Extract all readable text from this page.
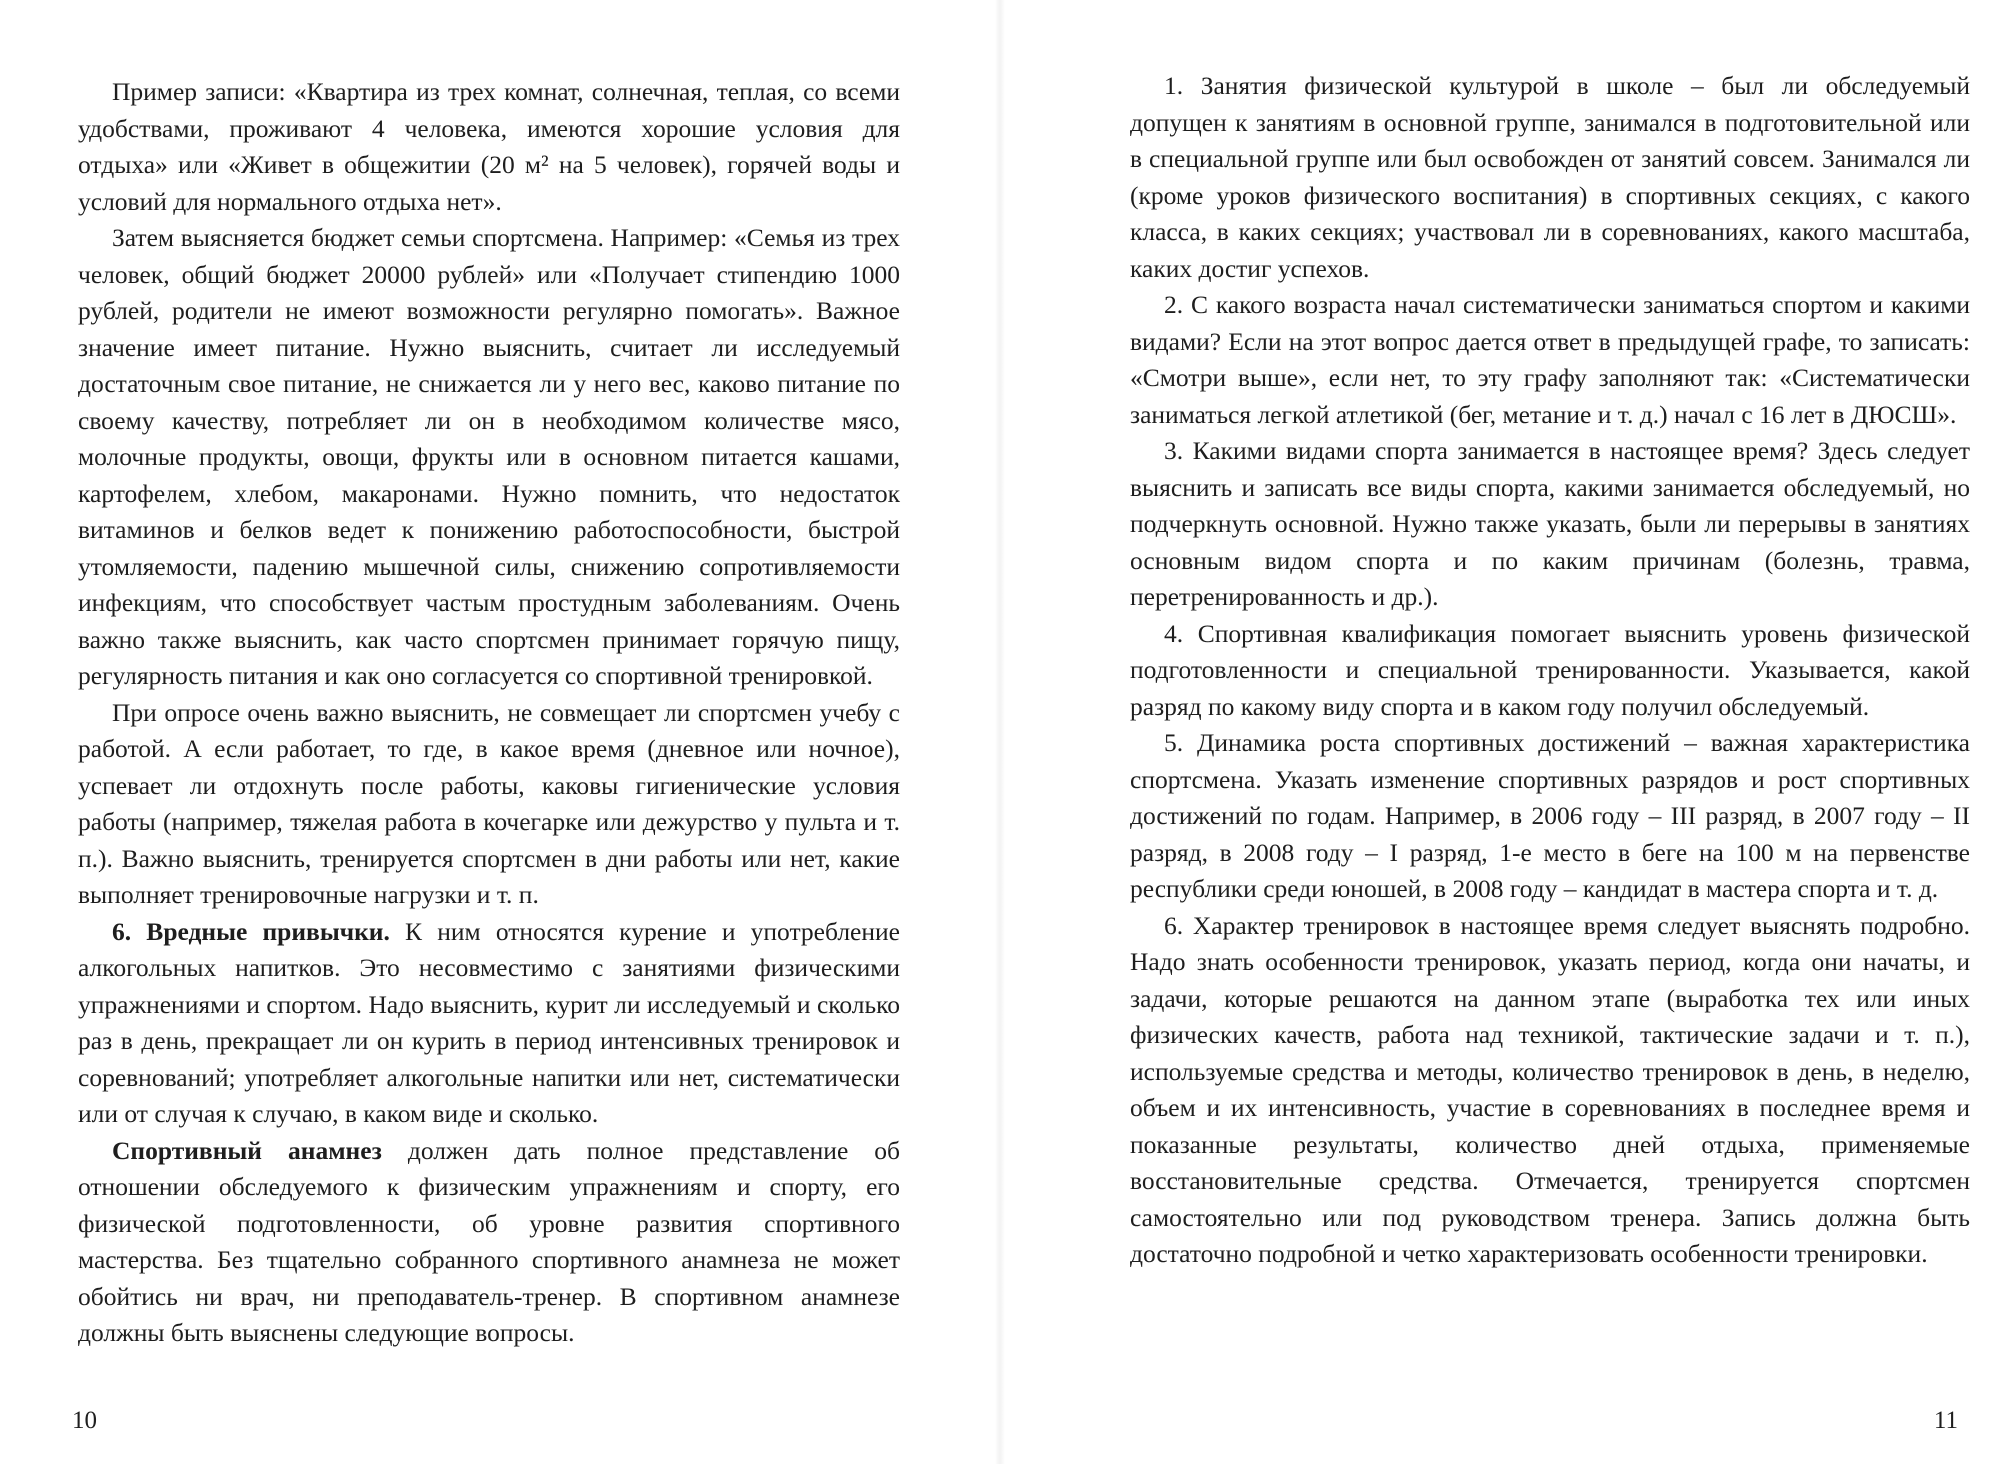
Пример записи: «Квартира из трех комнат, солнечная, теплая, со всеми удобствами, проживают 4 человека, имеются хорошие условия для отдыха» или «Живет в общежитии (20 м² на 5 человек), горячей воды и условий для нормального отдыха нет».

Затем выясняется бюджет семьи спортсмена. Например: «Семья из трех человек, общий бюджет 20000 рублей» или «Получает стипендию 1000 рублей, родители не имеют возможности регулярно помогать». Важное значение имеет питание. Нужно выяснить, считает ли исследуемый достаточным свое питание, не снижается ли у него вес, каково питание по своему качеству, потребляет ли он в необходимом количестве мясо, молочные продукты, овощи, фрукты или в основном питается кашами, картофелем, хлебом, макаронами. Нужно помнить, что недостаток витаминов и белков ведет к понижению работоспособности, быстрой утомляемости, падению мышечной силы, снижению сопротивляемости инфекциям, что способствует частым простудным заболеваниям. Очень важно также выяснить, как часто спортсмен принимает горячую пищу, регулярность питания и как оно согласуется со спортивной тренировкой.

При опросе очень важно выяснить, не совмещает ли спортсмен учебу с работой. А если работает, то где, в какое время (дневное или ночное), успевает ли отдохнуть после работы, каковы гигиенические условия работы (например, тяжелая работа в кочегарке или дежурство у пульта и т. п.). Важно выяснить, тренируется спортсмен в дни работы или нет, какие выполняет тренировочные нагрузки и т. п.

6. Вредные привычки. К ним относятся курение и употребление алкогольных напитков. Это несовместимо с занятиями физическими упражнениями и спортом. Надо выяснить, курит ли исследуемый и сколько раз в день, прекращает ли он курить в период интенсивных тренировок и соревнований; употребляет алкогольные напитки или нет, систематически или от случая к случаю, в каком виде и сколько.

Спортивный анамнез должен дать полное представление об отношении обследуемого к физическим упражнениям и спорту, его физической подготовленности, об уровне развития спортивного мастерства. Без тщательно собранного спортивного анамнеза не может обойтись ни врач, ни преподаватель-тренер. В спортивном анамнезе должны быть выяснены следующие вопросы.

10

1. Занятия физической культурой в школе – был ли обследуемый допущен к занятиям в основной группе, занимался в подготовительной или в специальной группе или был освобожден от занятий совсем. Занимался ли (кроме уроков физического воспитания) в спортивных секциях, с какого класса, в каких секциях; участвовал ли в соревнованиях, какого масштаба, каких достиг успехов.

2. С какого возраста начал систематически заниматься спортом и какими видами? Если на этот вопрос дается ответ в предыдущей графе, то записать: «Смотри выше», если нет, то эту графу заполняют так: «Систематически заниматься легкой атлетикой (бег, метание и т. д.) начал с 16 лет в ДЮСШ».

3. Какими видами спорта занимается в настоящее время? Здесь следует выяснить и записать все виды спорта, какими занимается обследуемый, но подчеркнуть основной. Нужно также указать, были ли перерывы в занятиях основным видом спорта и по каким причинам (болезнь, травма, перетренированность и др.).

4. Спортивная квалификация помогает выяснить уровень физической подготовленности и специальной тренированности. Указывается, какой разряд по какому виду спорта и в каком году получил обследуемый.

5. Динамика роста спортивных достижений – важная характеристика спортсмена. Указать изменение спортивных разрядов и рост спортивных достижений по годам. Например, в 2006 году – III разряд, в 2007 году – II разряд, в 2008 году – I разряд, 1-е место в беге на 100 м на первенстве республики среди юношей, в 2008 году – кандидат в мастера спорта и т. д.

6. Характер тренировок в настоящее время следует выяснять подробно. Надо знать особенности тренировок, указать период, когда они начаты, и задачи, которые решаются на данном этапе (выработка тех или иных физических качеств, работа над техникой, тактические задачи и т. п.), используемые средства и методы, количество тренировок в день, в неделю, объем и их интенсивность, участие в соревнованиях в последнее время и показанные результаты, количество дней отдыха, применяемые восстановительные средства. Отмечается, тренируется спортсмен самостоятельно или под руководством тренера. Запись должна быть достаточно подробной и четко характеризовать особенности тренировки.

11
